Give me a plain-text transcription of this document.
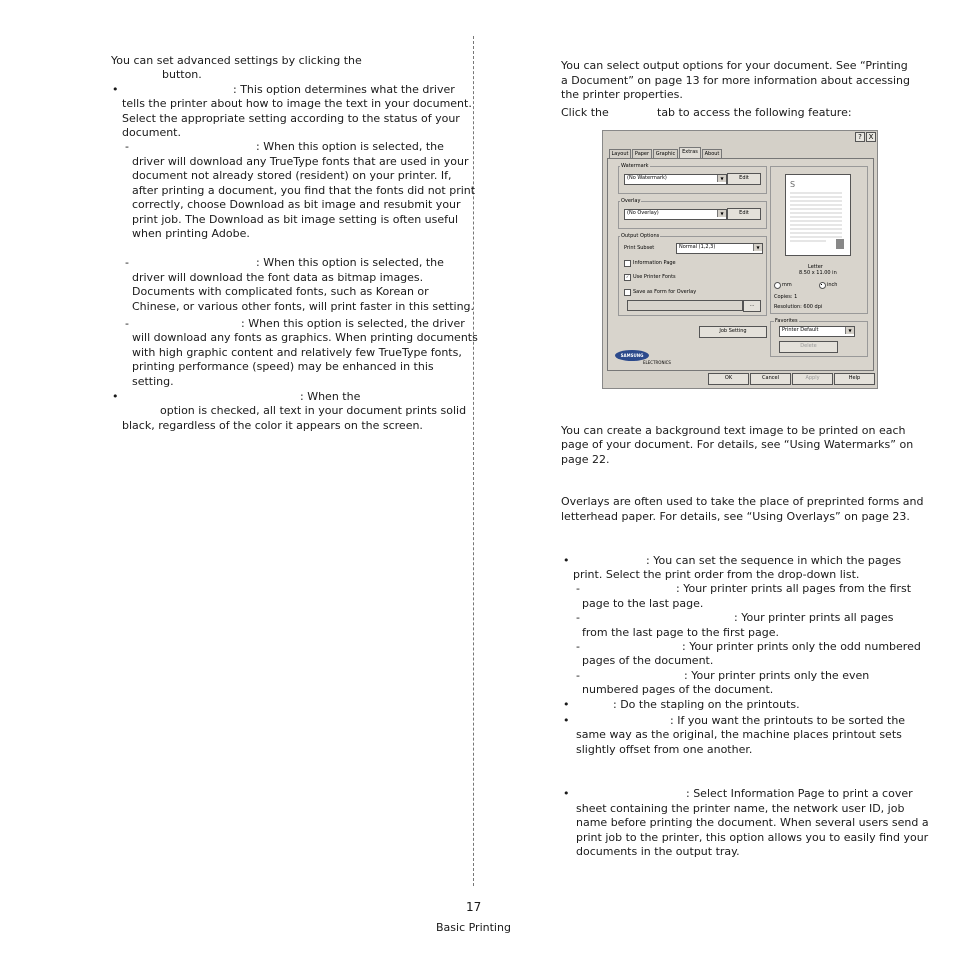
You can set advanced settings by clicking the
button.
•	: This option determines what the driver
tells the printer about how to image the text in your document.
Select the appropriate setting according to the status of your
document.
-	: When this option is selected, the
driver will download any TrueType fonts that are used in your
document not already stored (resident) on your printer. If,
after printing a document, you find that the fonts did not print
correctly, choose Download as bit image and resubmit your
print job. The Download as bit image setting is often useful
when printing Adobe.
-	: When this option is selected, the
driver will download the font data as bitmap images.
Documents with complicated fonts, such as Korean or
Chinese, or various other fonts, will print faster in this setting.
-	: When this option is selected, the driver
will download any fonts as graphics. When printing documents
with high graphic content and relatively few TrueType fonts,
printing performance (speed) may be enhanced in this
setting.
•	: When the
option is checked, all text in your document prints solid
black, regardless of the color it appears on the screen.
You can select output options for your document. See “Printing
a Document” on page 13 for more information about accessing
the printer properties.
Click the	tab to access the following feature:
? X
Layout	Paper	Graphic	Extras	About
Watermark
(No Watermark)	▼	Edit
Overlay
(No Overlay)	▼	Edit
Output Options
Print Subset	Normal (1,2,3)	▼
Information Page
✓ Use Printer Fonts
Save as Form for Overlay
...
Job Setting
S
Letter
8.50 x 11.00 in
mm	inch
Copies: 1
Resolution: 600 dpi
Favorites
Printer Default	▼
Delete
SAMSUNG
ELECTRONICS
OK	Cancel	Apply	Help
You can create a background text image to be printed on each
page of your document. For details, see “Using Watermarks” on
page 22.
Overlays are often used to take the place of preprinted forms and
letterhead paper. For details, see “Using Overlays” on page 23.
•	: You can set the sequence in which the pages
print. Select the print order from the drop-down list.
-	: Your printer prints all pages from the first
page to the last page.
-	: Your printer prints all pages
from the last page to the first page.
-	: Your printer prints only the odd numbered
pages of the document.
-	: Your printer prints only the even
numbered pages of the document.
•	: Do the stapling on the printouts.
•	: If you want the printouts to be sorted the
same way as the original, the machine places printout sets
slightly offset from one another.
•	: Select Information Page to print a cover
sheet containing the printer name, the network user ID, job
name before printing the document. When several users send a
print job to the printer, this option allows you to easily find your
documents in the output tray.
17
Basic Printing
